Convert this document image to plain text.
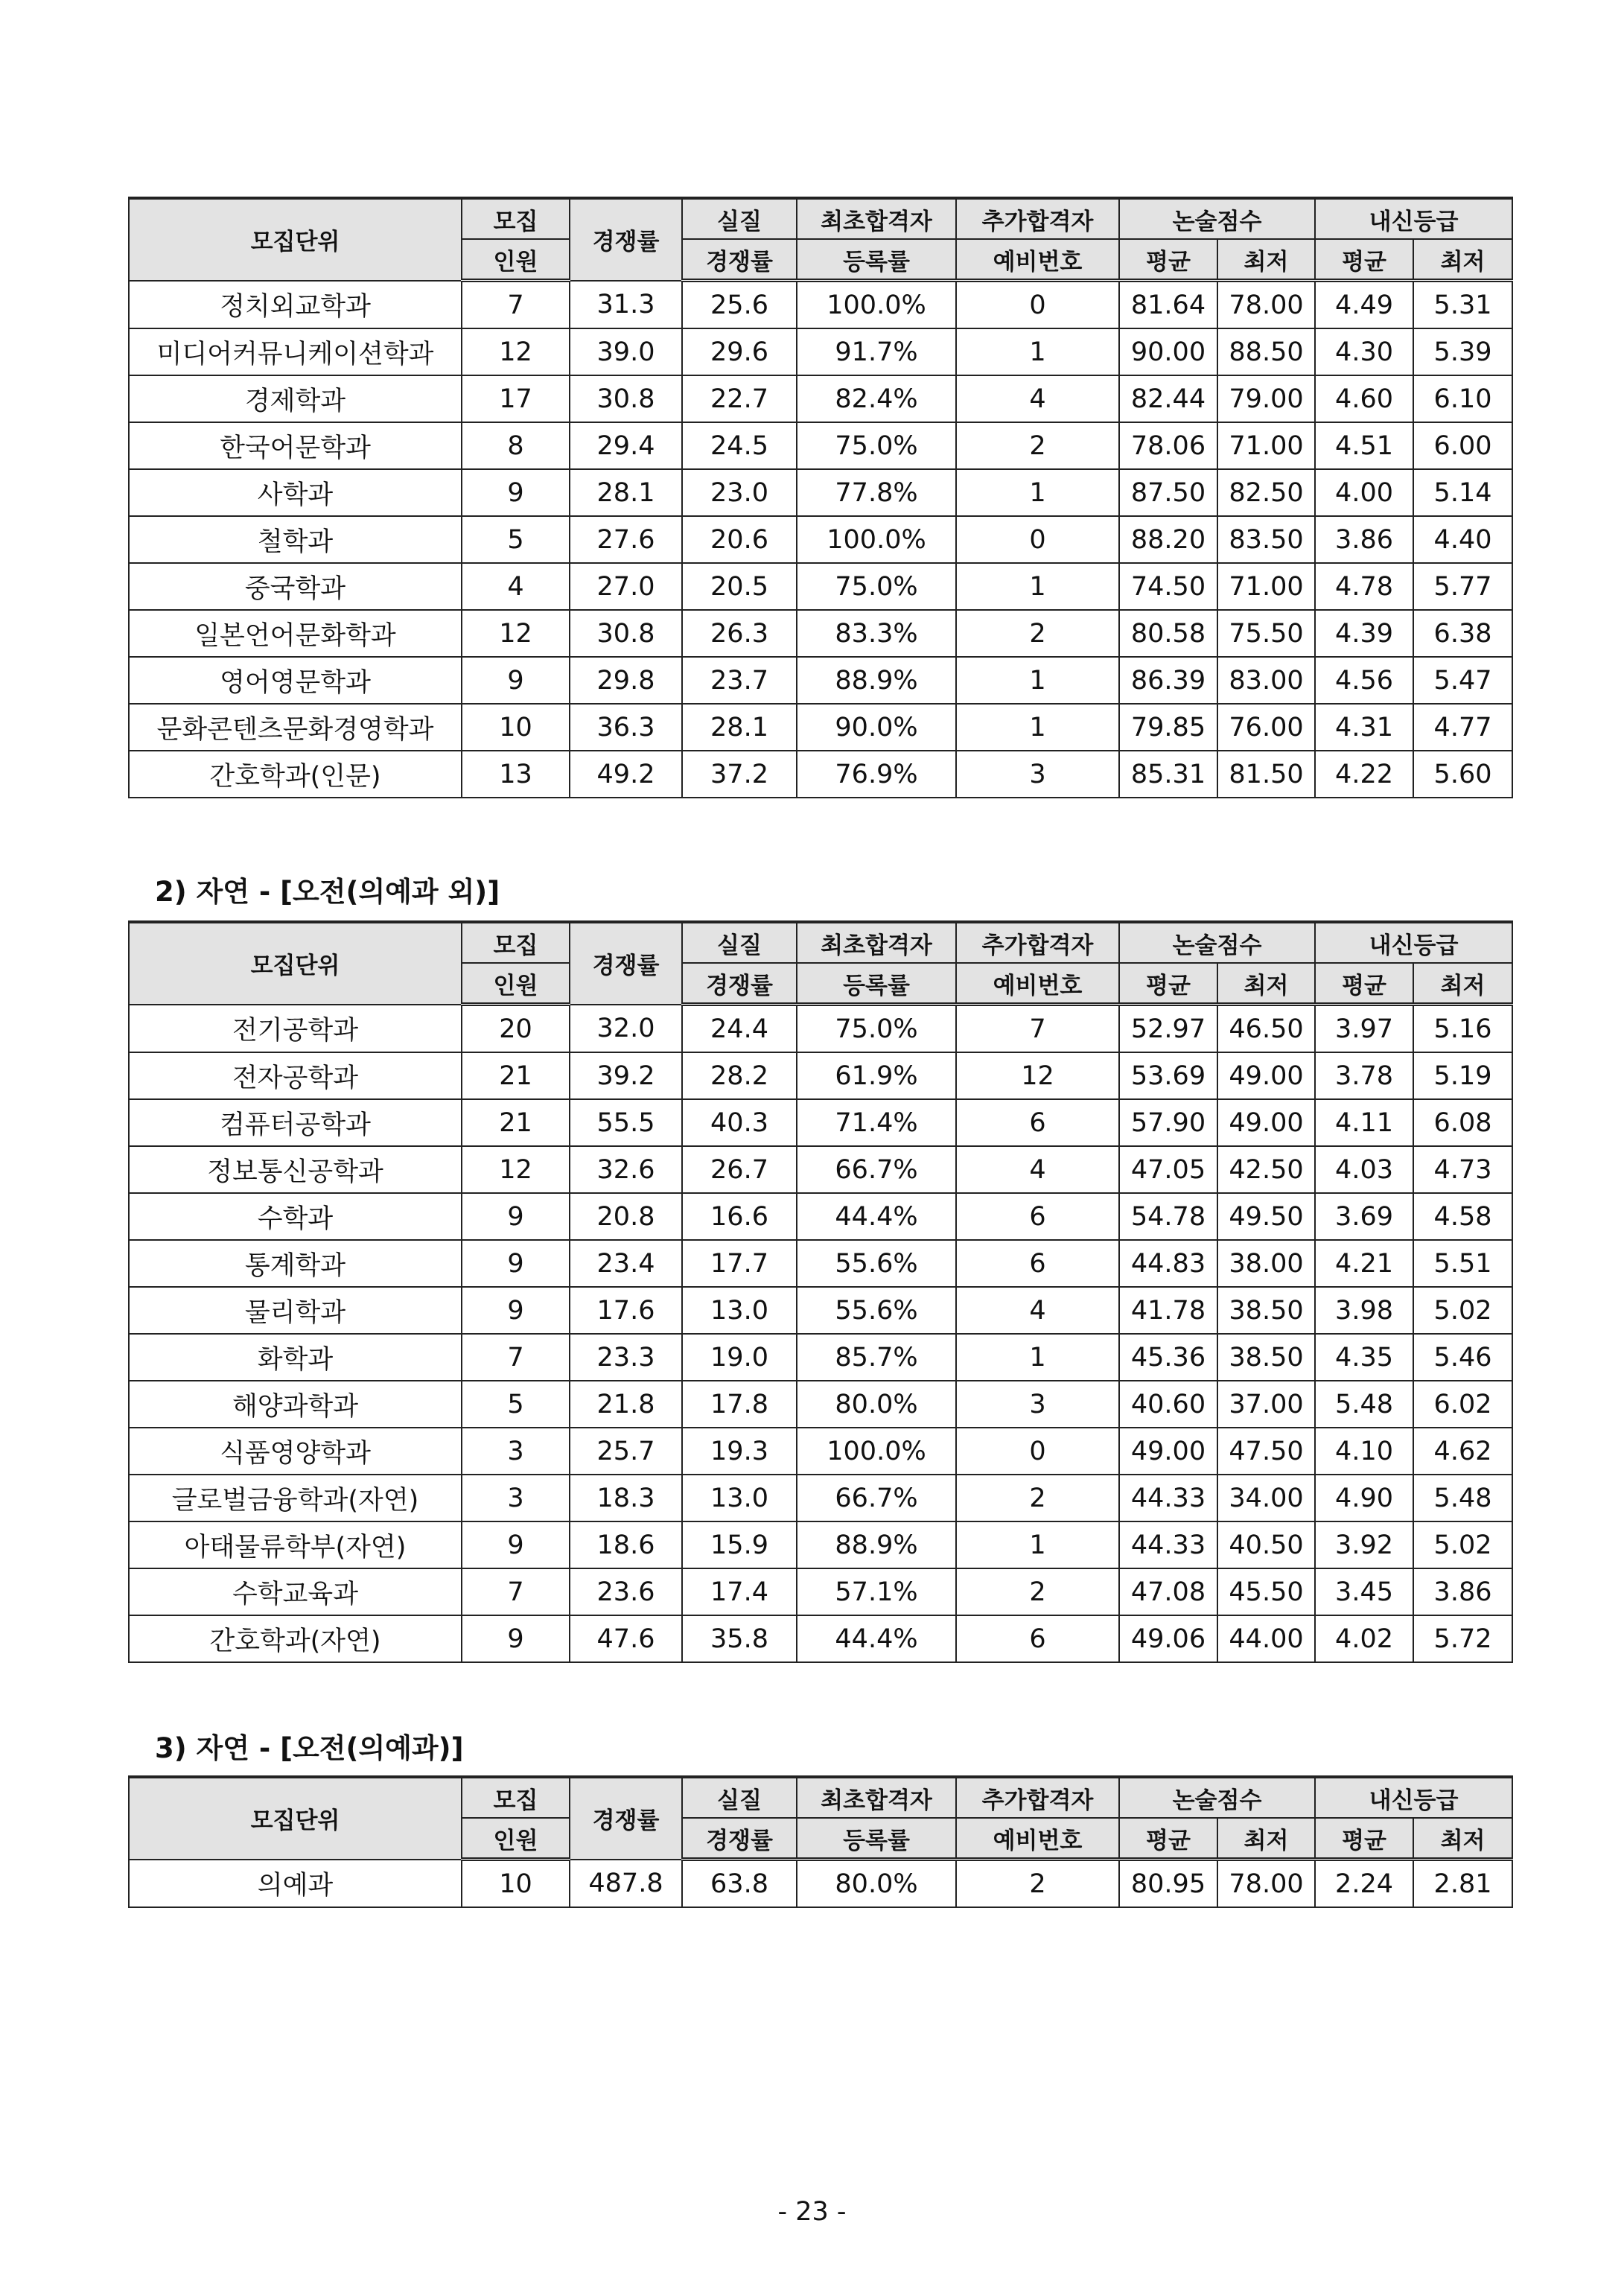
모집단위	모집	경쟁률	실질	최초합격자	추가합격자	논술점수		내신등급	
	인원		경쟁률	등록률	예비번호	평균	최저	평균	최저
정치외교학과	7	31.3	25.6	100.0%	0	81.64	78.00	4.49	5.31
미디어커뮤니케이션학과	12	39.0	29.6	91.7%	1	90.00	88.50	4.30	5.39
경제학과	17	30.8	22.7	82.4%	4	82.44	79.00	4.60	6.10
한국어문학과	8	29.4	24.5	75.0%	2	78.06	71.00	4.51	6.00
사학과	9	28.1	23.0	77.8%	1	87.50	82.50	4.00	5.14
철학과	5	27.6	20.6	100.0%	0	88.20	83.50	3.86	4.40
중국학과	4	27.0	20.5	75.0%	1	74.50	71.00	4.78	5.77
일본언어문화학과	12	30.8	26.3	83.3%	2	80.58	75.50	4.39	6.38
영어영문학과	9	29.8	23.7	88.9%	1	86.39	83.00	4.56	5.47
문화콘텐츠문화경영학과	10	36.3	28.1	90.0%	1	79.85	76.00	4.31	4.77
간호학과(인문)	13	49.2	37.2	76.9%	3	85.31	81.50	4.22	5.60
2) 자연 - [오전(의예과 외)]
모집단위	모집	경쟁률	실질	최초합격자	추가합격자	논술점수		내신등급	
	인원		경쟁률	등록률	예비번호	평균	최저	평균	최저
전기공학과	20	32.0	24.4	75.0%	7	52.97	46.50	3.97	5.16
전자공학과	21	39.2	28.2	61.9%	12	53.69	49.00	3.78	5.19
컴퓨터공학과	21	55.5	40.3	71.4%	6	57.90	49.00	4.11	6.08
정보통신공학과	12	32.6	26.7	66.7%	4	47.05	42.50	4.03	4.73
수학과	9	20.8	16.6	44.4%	6	54.78	49.50	3.69	4.58
통계학과	9	23.4	17.7	55.6%	6	44.83	38.00	4.21	5.51
물리학과	9	17.6	13.0	55.6%	4	41.78	38.50	3.98	5.02
화학과	7	23.3	19.0	85.7%	1	45.36	38.50	4.35	5.46
해양과학과	5	21.8	17.8	80.0%	3	40.60	37.00	5.48	6.02
식품영양학과	3	25.7	19.3	100.0%	0	49.00	47.50	4.10	4.62
글로벌금융학과(자연)	3	18.3	13.0	66.7%	2	44.33	34.00	4.90	5.48
아태물류학부(자연)	9	18.6	15.9	88.9%	1	44.33	40.50	3.92	5.02
수학교육과	7	23.6	17.4	57.1%	2	47.08	45.50	3.45	3.86
간호학과(자연)	9	47.6	35.8	44.4%	6	49.06	44.00	4.02	5.72
3) 자연 - [오전(의예과)]
모집단위	모집	경쟁률	실질	최초합격자	추가합격자	논술점수		내신등급	
	인원		경쟁률	등록률	예비번호	평균	최저	평균	최저
의예과	10	487.8	63.8	80.0%	2	80.95	78.00	2.24	2.81
- 23 -
